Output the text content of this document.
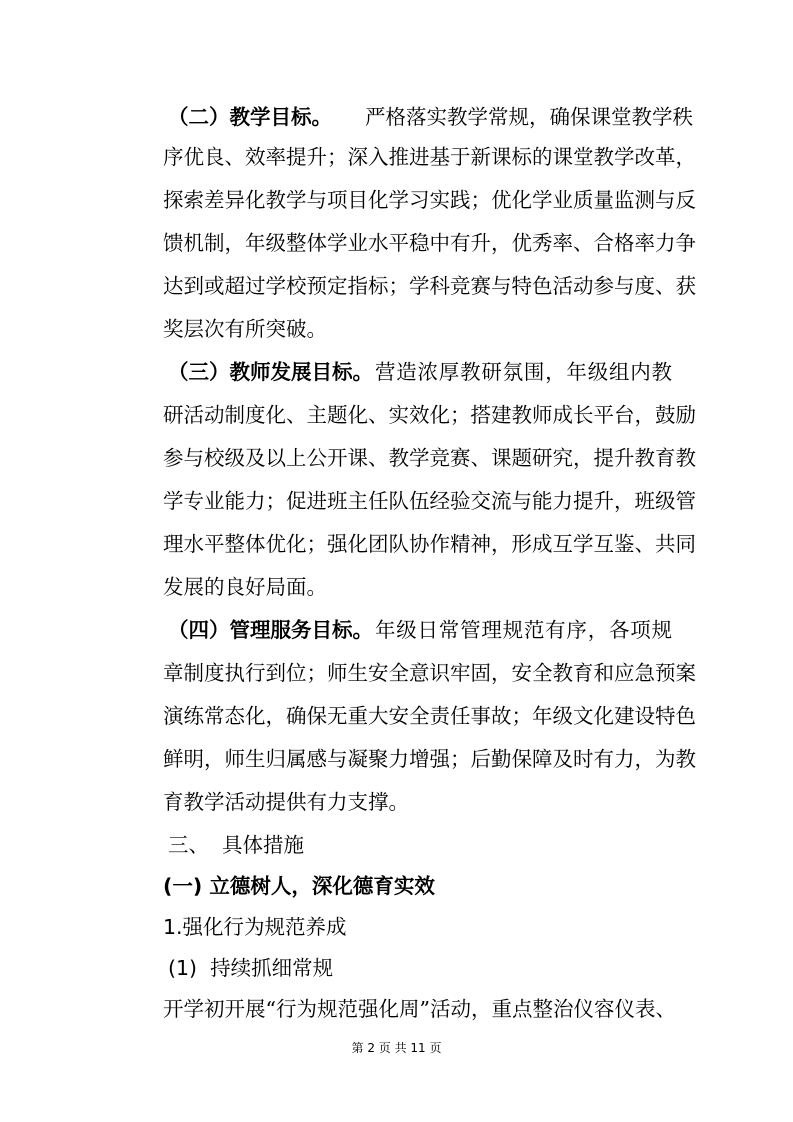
（二）教学目标。 严格落实教学常规，确保课堂教学秩
序优良、效率提升；深入推进基于新课标的课堂教学改革，
探索差异化教学与项目化学习实践；优化学业质量监测与反
馈机制，年级整体学业水平稳中有升，优秀率、合格率力争
达到或超过学校预定指标；学科竞赛与特色活动参与度、获
奖层次有所突破。
（三）教师发展目标。 营造浓厚教研氛围，年级组内教
研活动制度化、主题化、实效化；搭建教师成长平台，鼓励
参与校级及以上公开课、教学竞赛、课题研究，提升教育教
学专业能力；促进班主任队伍经验交流与能力提升，班级管
理水平整体优化；强化团队协作精神，形成互学互鉴、共同
发展的良好局面。
（四）管理服务目标。 年级日常管理规范有序，各项规
章制度执行到位；师生安全意识牢固，安全教育和应急预案
演练常态化，确保无重大安全责任事故；年级文化建设特色
鲜明，师生归属感与凝聚力增强；后勤保障及时有力，为教
育教学活动提供有力支撑。
三、  具体措施
(一) 立德树人，深化德育实效
1.强化行为规范养成
(1)  持续抓细常规
开学初开展“行为规范强化周”活动，重点整治仪容仪表、
第 2 页 共 11 页
